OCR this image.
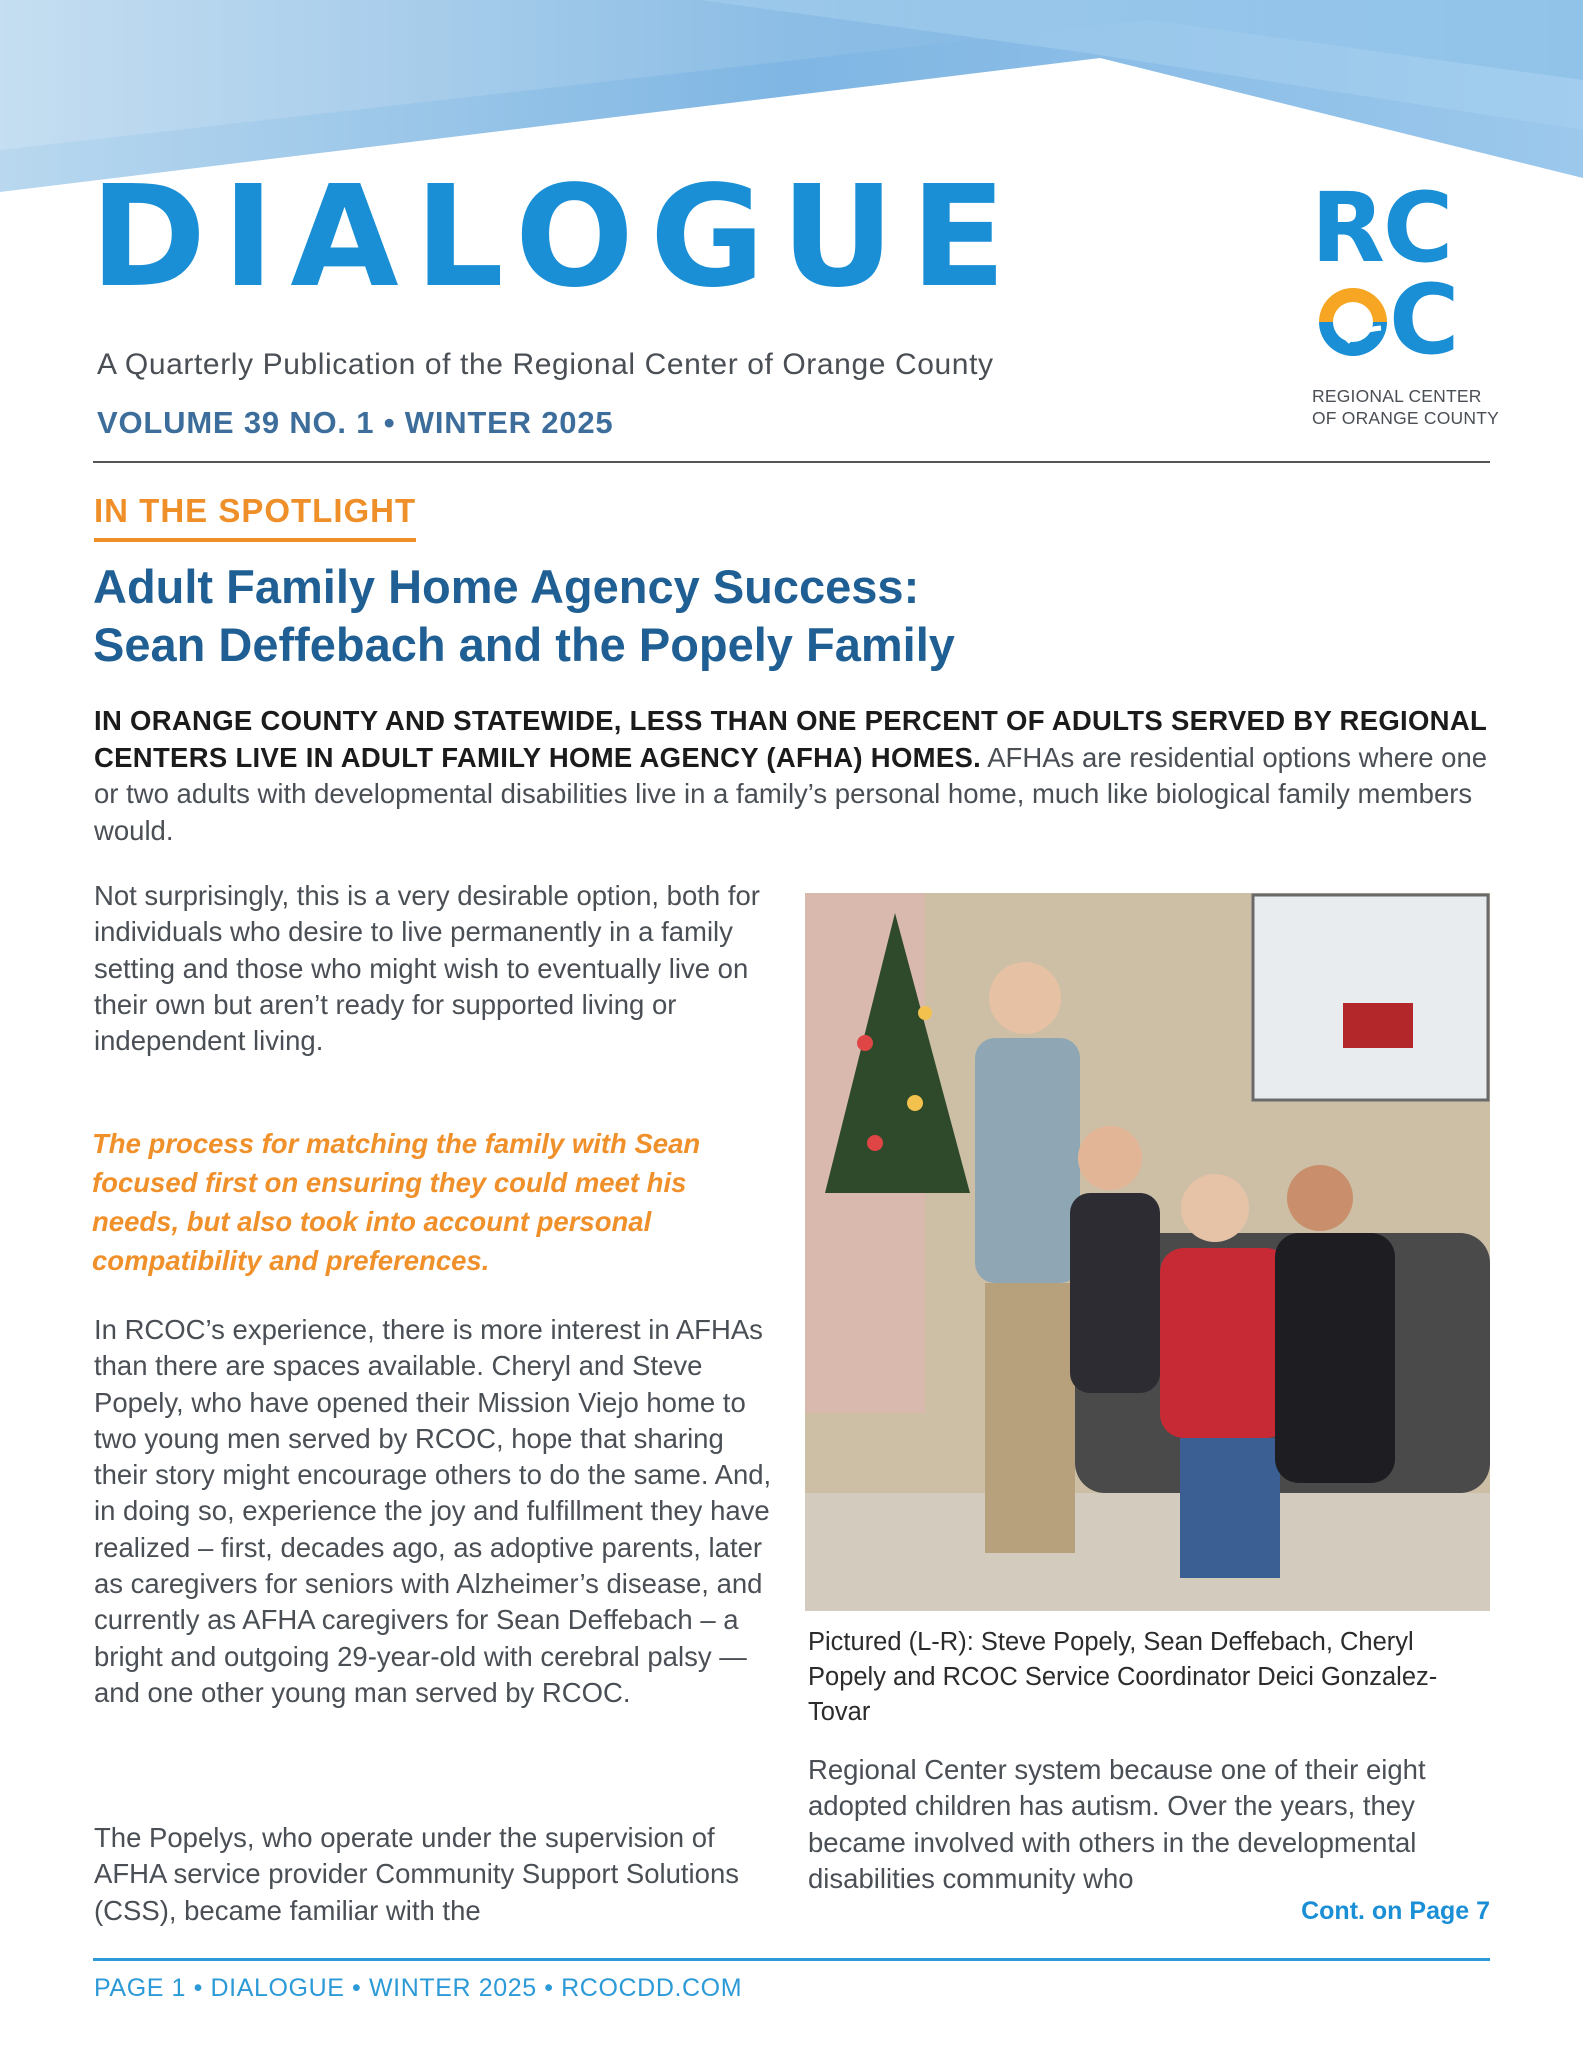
DIALOGUE
A Quarterly Publication of the Regional Center of Orange County
VOLUME 39 NO. 1 • WINTER 2025
RC
C
REGIONAL CENTER
OF ORANGE COUNTY
IN THE SPOTLIGHT
Adult Family Home Agency Success:
Sean Deffebach and the Popely Family

IN ORANGE COUNTY AND STATEWIDE, LESS THAN ONE PERCENT OF ADULTS SERVED BY REGIONAL CENTERS LIVE IN ADULT FAMILY HOME AGENCY (AFHA) HOMES. AFHAs are residential options where one or two adults with developmental disabilities live in a family’s personal home, much like biological family members would.

Not surprisingly, this is a very desirable option, both for individuals who desire to live permanently in a family setting and those who might wish to eventually live on their own but aren’t ready for supported living or independent living.

The process for matching the family with Sean focused first on ensuring they could meet his needs, but also took into account personal compatibility and preferences.

In RCOC’s experience, there is more interest in AFHAs than there are spaces available. Cheryl and Steve Popely, who have opened their Mission Viejo home to two young men served by RCOC, hope that sharing their story might encourage others to do the same. And, in doing so, experience the joy and fulfillment they have realized – first, decades ago, as adoptive parents, later as caregivers for seniors with Alzheimer’s disease, and currently as AFHA caregivers for Sean Deffebach – a bright and outgoing 29-year-old with cerebral palsy — and one other young man served by RCOC.

The Popelys, who operate under the supervision of AFHA service provider Community Support Solutions (CSS), became familiar with the

Pictured (L-R): Steve Popely, Sean Deffebach, Cheryl Popely and RCOC Service Coordinator Deici Gonzalez-Tovar

Regional Center system because one of their eight adopted children has autism. Over the years, they became involved with others in the developmental disabilities community who

Cont. on Page 7
PAGE 1 • DIALOGUE • WINTER 2025 • RCOCDD.COM
